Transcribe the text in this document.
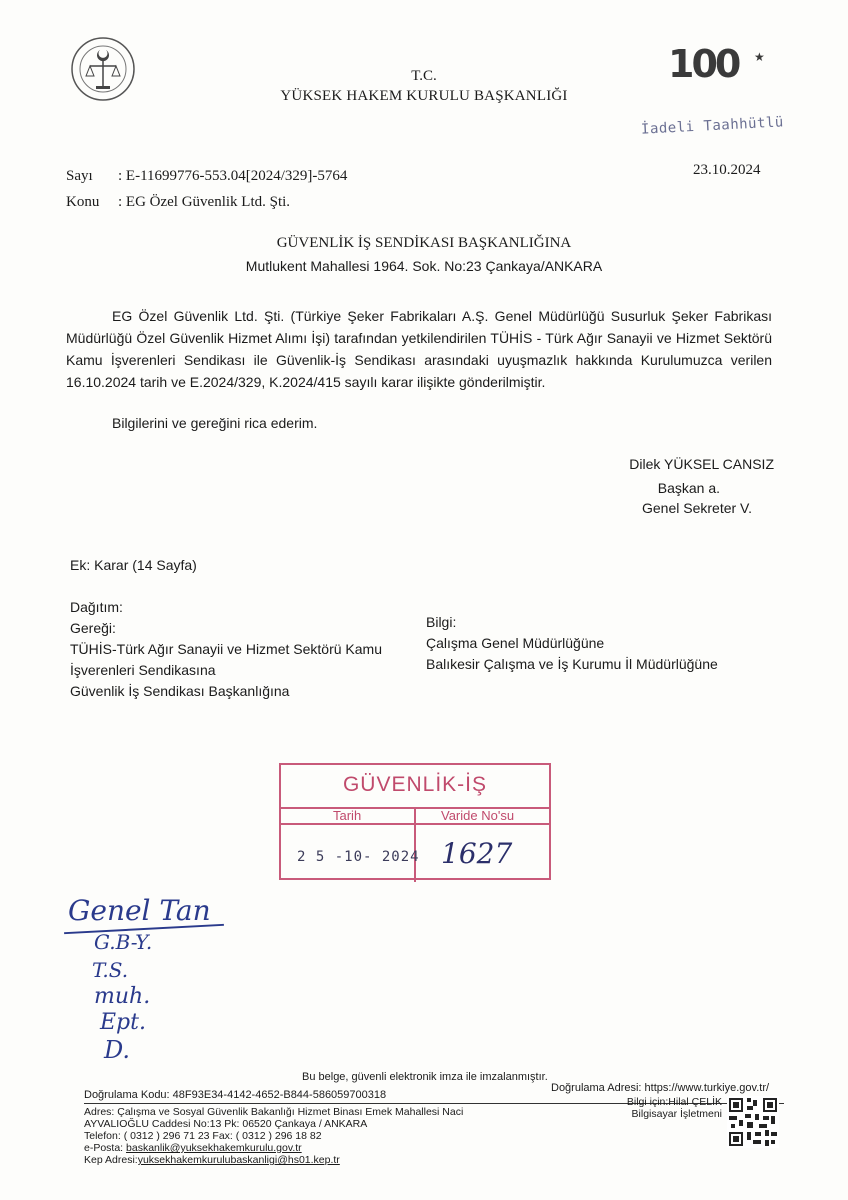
T.C.
YÜKSEK HAKEM KURULU BAŞKANLIĞI
100 ★
İadeli Taahhütlü
23.10.2024
Sayı : E-11699776-553.04[2024/329]-5764
Konu : EG Özel Güvenlik Ltd. Şti.
GÜVENLİK İŞ SENDİKASI BAŞKANLIĞINA
Mutlukent Mahallesi 1964. Sok. No:23 Çankaya/ANKARA
EG Özel Güvenlik Ltd. Şti. (Türkiye Şeker Fabrikaları A.Ş. Genel Müdürlüğü Susurluk Şeker Fabrikası Müdürlüğü Özel Güvenlik Hizmet Alımı İşi) tarafından yetkilendirilen TÜHİS - Türk Ağır Sanayii ve Hizmet Sektörü Kamu İşverenleri Sendikası ile Güvenlik-İş Sendikası arasındaki uyuşmazlık hakkında Kurulumuzca verilen 16.10.2024 tarih ve E.2024/329, K.2024/415 sayılı karar ilişikte gönderilmiştir.
Bilgilerini ve gereğini rica ederim.
Dilek YÜKSEL CANSIZ
Başkan a.
Genel Sekreter V.
Ek: Karar (14 Sayfa)
Dağıtım:
Gereği:
TÜHİS-Türk Ağır Sanayii ve Hizmet Sektörü Kamu İşverenleri Sendikasına
Güvenlik İş Sendikası Başkanlığına
Bilgi:
Çalışma Genel Müdürlüğüne
Balıkesir Çalışma ve İş Kurumu İl Müdürlüğüne
GÜVENLİK-İŞ
Tarih	Varide No'su
2 5 -10- 2024 1627
Genel Tan
G.B-Y.
T.S.
muh.
Ept.
D.
Bu belge, güvenli elektronik imza ile imzalanmıştır.
Doğrulama Kodu: 48F93E34-4142-4652-B844-586059700318
Doğrulama Adresi: https://www.turkiye.gov.tr/
Adres: Çalışma ve Sosyal Güvenlik Bakanlığı Hizmet Binası Emek Mahallesi Naci
AYVALIOĞLU Caddesi No:13 Pk: 06520 Çankaya / ANKARA
Telefon: ( 0312 ) 296 71 23 Fax: ( 0312 ) 296 18 82
e-Posta: baskanlik@yuksekhakemkurulu.gov.tr
Kep Adresi:yuksekhakemkurulubaskanligi@hs01.kep.tr
Bilgi için:Hilal ÇELİK
Bilgisayar İşletmeni
